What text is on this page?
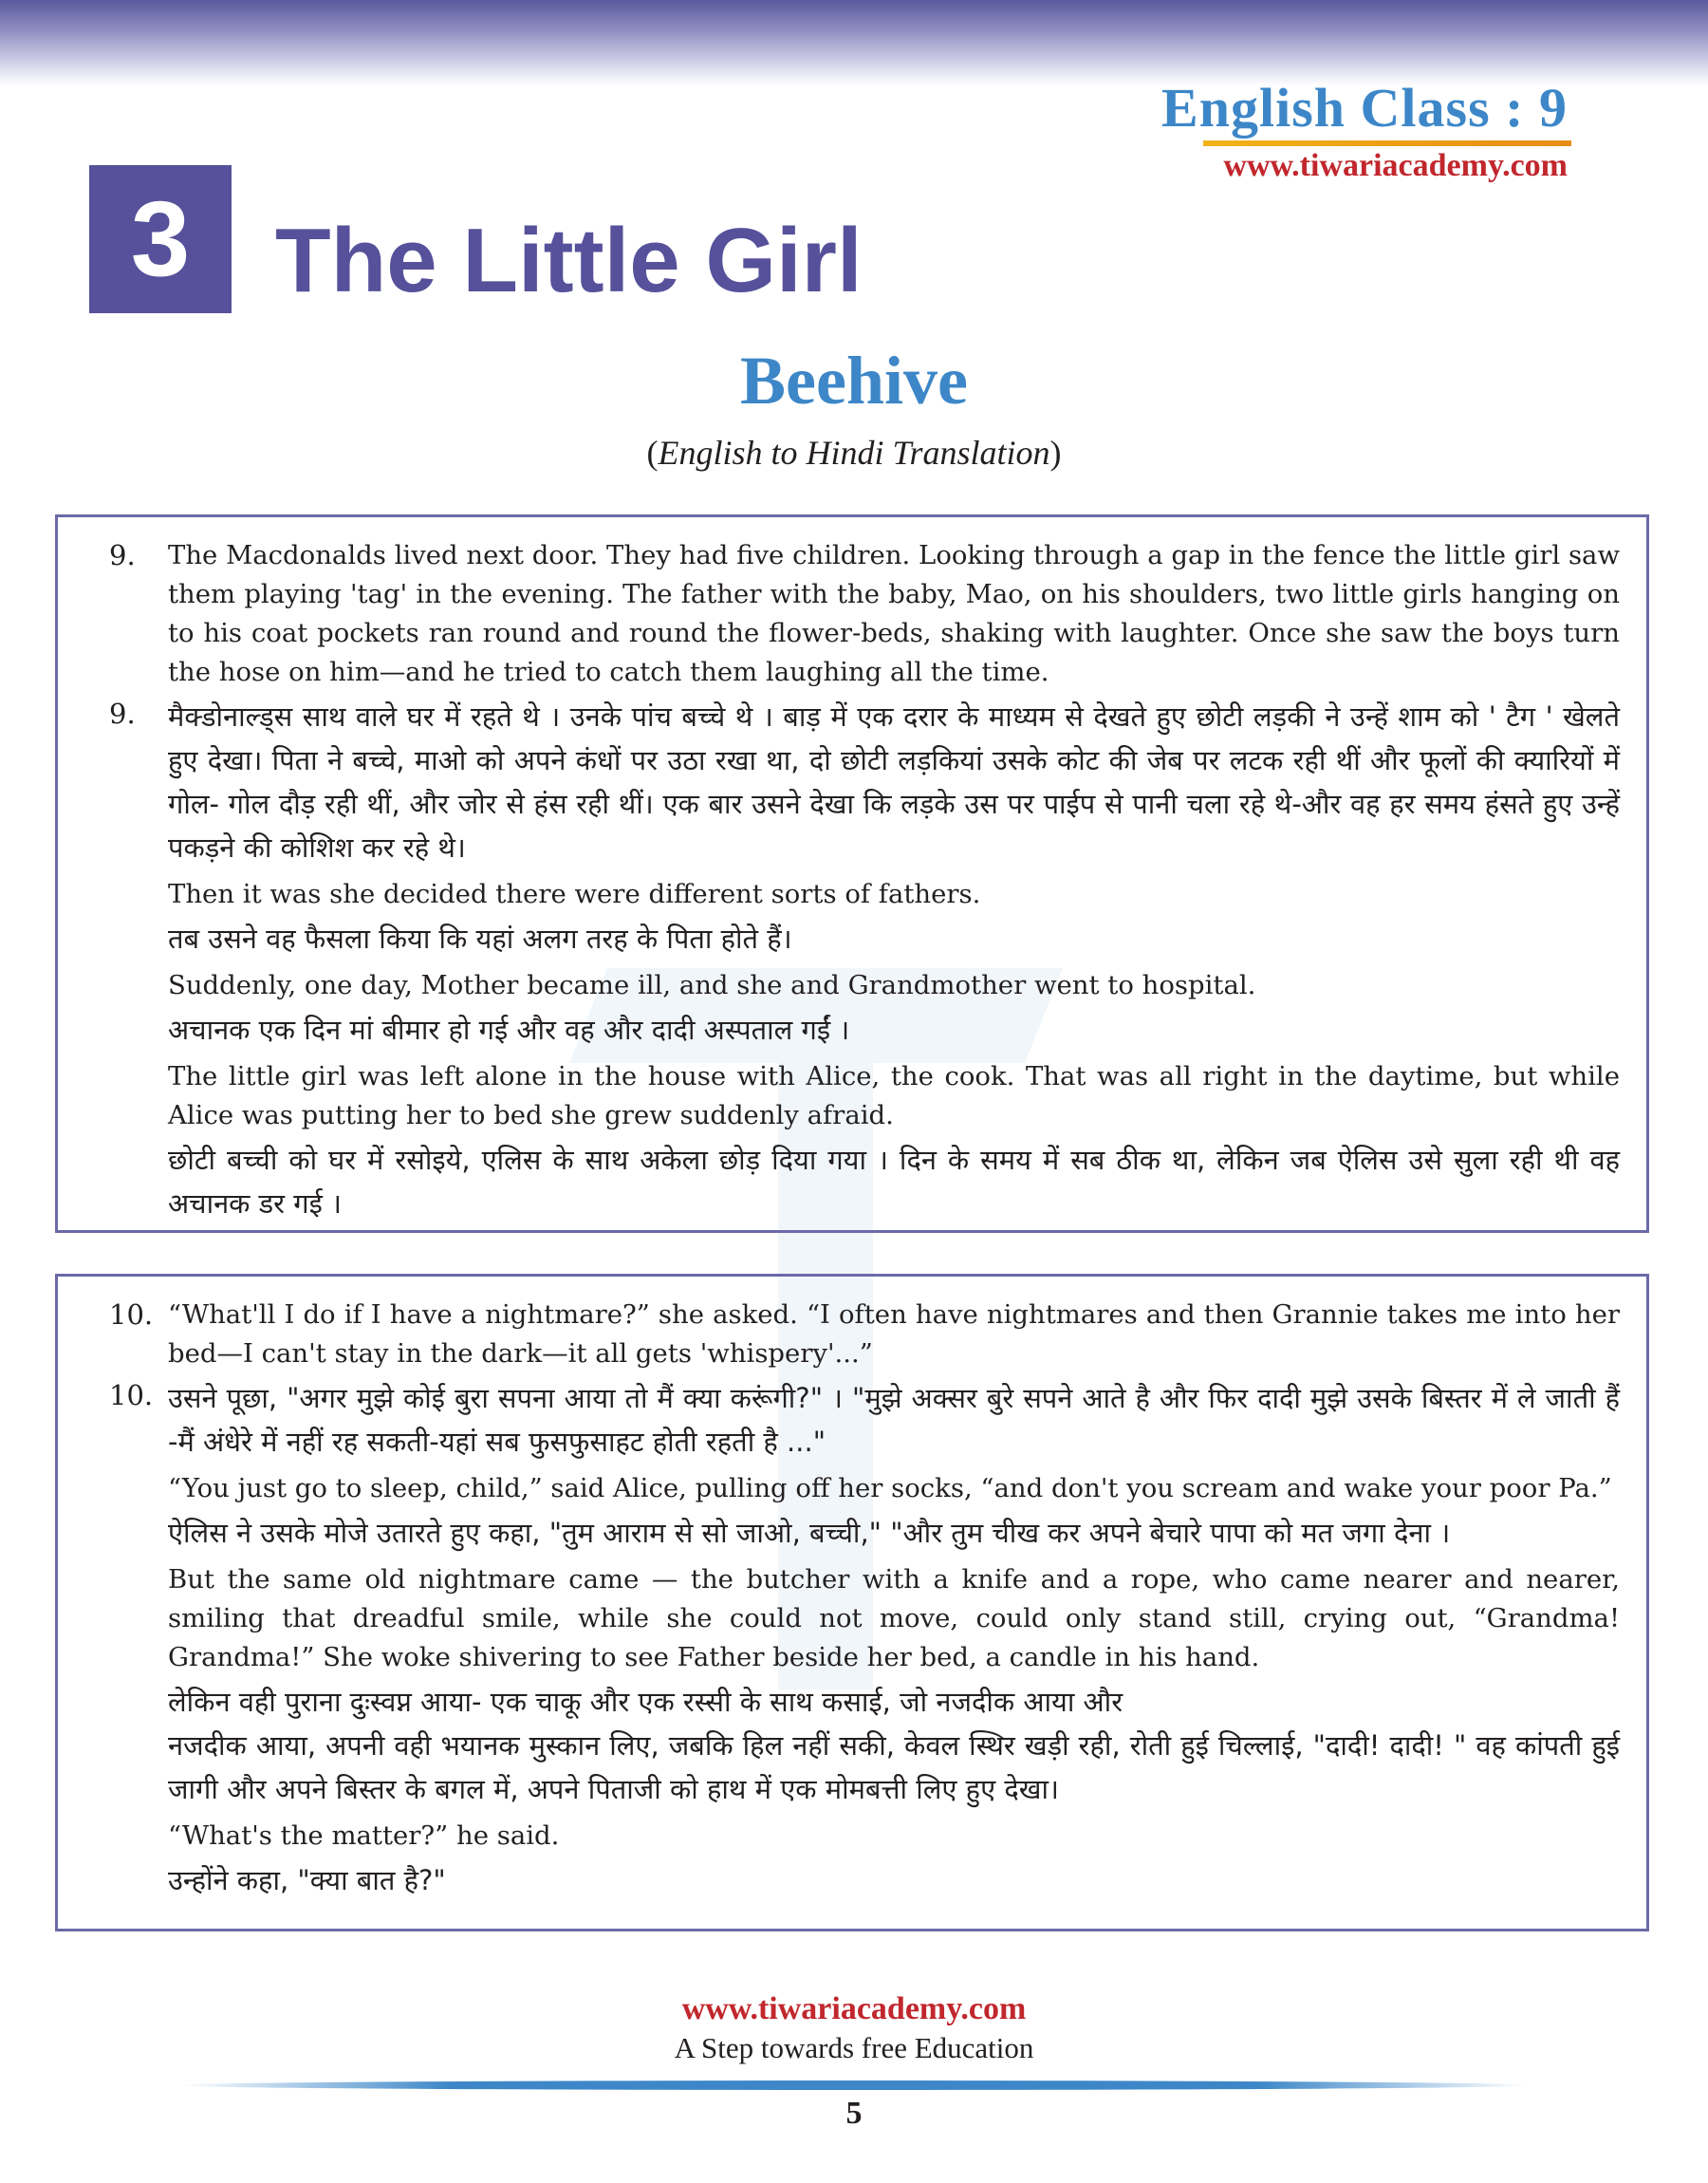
English Class : 9
www.tiwariacademy.com
3 The Little Girl
Beehive
(English to Hindi Translation)
9. The Macdonalds lived next door. They had five children. Looking through a gap in the fence the little girl saw them playing 'tag' in the evening. The father with the baby, Mao, on his shoulders, two little girls hanging on to his coat pockets ran round and round the flower-beds, shaking with laughter. Once she saw the boys turn the hose on him—and he tried to catch them laughing all the time.
9. मैक्डोनाल्ड्स साथ वाले घर में रहते थे । उनके पांच बच्चे थे । बाड़ में एक दरार के माध्यम से देखते हुए छोटी लड़की ने उन्हें शाम को ' टैग ' खेलते हुए देखा। पिता ने बच्चे, माओ को अपने कंधों पर उठा रखा था, दो छोटी लड़कियां उसके कोट की जेब पर लटक रही थीं और फूलों की क्यारियों में गोल- गोल दौड़ रही थीं, और जोर से हंस रही थीं। एक बार उसने देखा कि लड़के उस पर पाईप से पानी चला रहे थे-और वह हर समय हंसते हुए उन्हें पकड़ने की कोशिश कर रहे थे।
Then it was she decided there were different sorts of fathers.
तब उसने वह फैसला किया कि यहां अलग तरह के पिता होते हैं।
Suddenly, one day, Mother became ill, and she and Grandmother went to hospital.
अचानक एक दिन मां बीमार हो गई और वह और दादी अस्पताल गईं ।
The little girl was left alone in the house with Alice, the cook. That was all right in the daytime, but while Alice was putting her to bed she grew suddenly afraid.
छोटी बच्ची को घर में रसोइये, एलिस के साथ अकेला छोड़ दिया गया । दिन के समय में सब ठीक था, लेकिन जब ऐलिस उसे सुला रही थी वह अचानक डर गई ।
10. “What'll I do if I have a nightmare?” she asked. “I often have nightmares and then Grannie takes me into her bed—I can't stay in the dark—it all gets 'whispery'...”
10. उसने पूछा, "अगर मुझे कोई बुरा सपना आया तो मैं क्या करूंगी?" । "मुझे अक्सर बुरे सपने आते है और फिर दादी मुझे उसके बिस्तर में ले जाती हैं -मैं अंधेरे में नहीं रह सकती-यहां सब फुसफुसाहट होती रहती है ..."
“You just go to sleep, child,” said Alice, pulling off her socks, “and don't you scream and wake your poor Pa.”
ऐलिस ने उसके मोजे उतारते हुए कहा, "तुम आराम से सो जाओ, बच्ची," "और तुम चीख कर अपने बेचारे पापा को मत जगा देना ।
But the same old nightmare came — the butcher with a knife and a rope, who came nearer and nearer, smiling that dreadful smile, while she could not move, could only stand still, crying out, “Grandma! Grandma!” She woke shivering to see Father beside her bed, a candle in his hand.
लेकिन वही पुराना दुःस्वप्न आया- एक चाकू और एक रस्सी के साथ कसाई, जो नजदीक आया और
नजदीक आया, अपनी वही भयानक मुस्कान लिए, जबकि हिल नहीं सकी, केवल स्थिर खड़ी रही, रोती हुई चिल्लाई, "दादी! दादी! " वह कांपती हुई जागी और अपने बिस्तर के बगल में, अपने पिताजी को हाथ में एक मोमबत्ती लिए हुए देखा।
“What's the matter?” he said.
उन्होंने कहा, "क्या बात है?"
www.tiwariacademy.com
A Step towards free Education
5
